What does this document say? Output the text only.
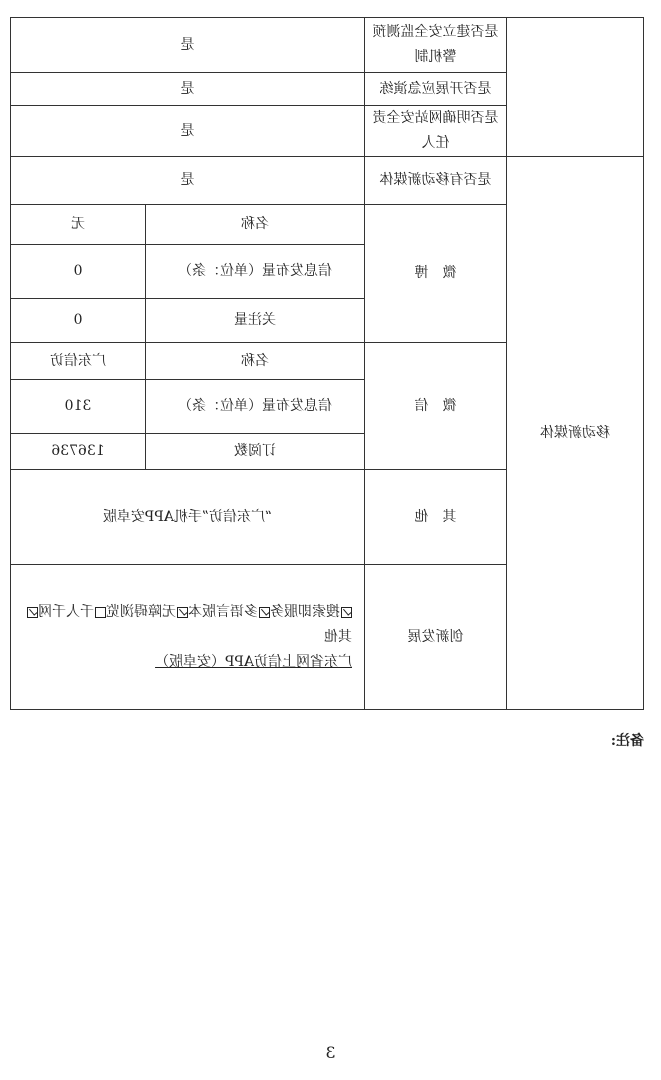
	是否建立安全监测预警机制	是	
	是否开展应急演练	是	
	是否明确网站安全责任人	是	
移动新媒体	是否有移动新媒体	是	
	微　博	名称	无
		信息发布量（单位：条）	0
		关注量	0
	微　信	名称	广东信访
		信息发布量（单位：条）	310
		订阅数	136736
	其　他	“广东信访”手机APP安卓版	
	创新发展	搜索即服务多语言版本无障碍浏览千人千网其他
广东省网上信访APP（安卓版）	
备注:
3
